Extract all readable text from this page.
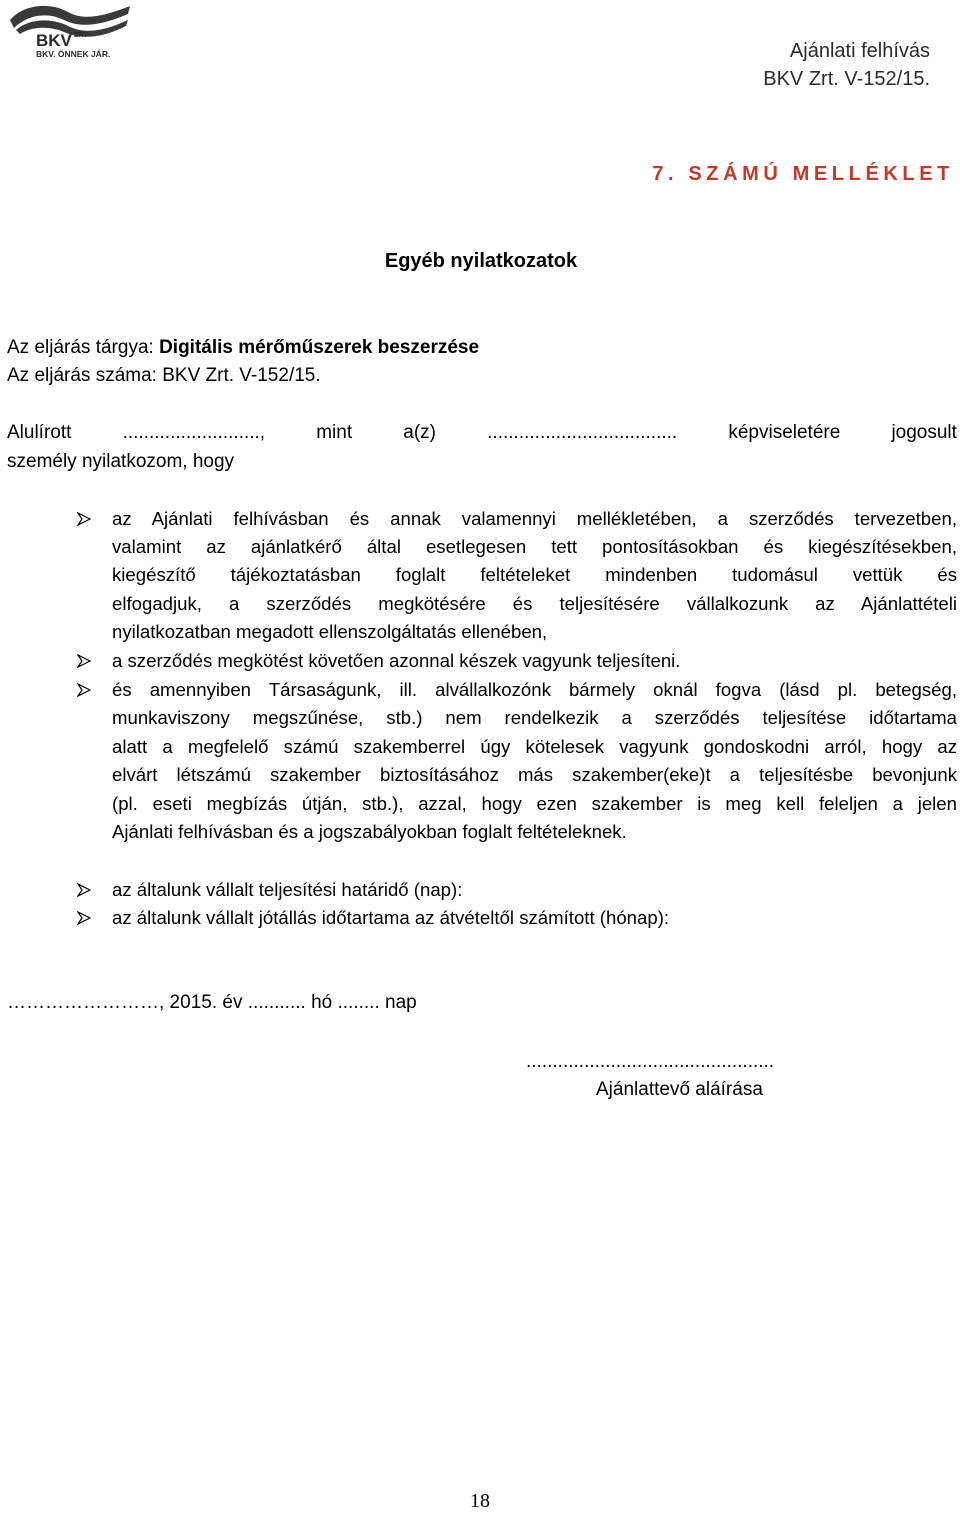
BKV ZRT
BKV. ÖNNEK JÁR.	Ajánlati felhívás
BKV Zrt. V-152/15.
7. SZÁMÚ MELLÉKLET
Egyéb nyilatkozatok
Az eljárás tárgya: Digitális mérőműszerek beszerzése
Az eljárás száma: BKV Zrt. V-152/15.
Alulírott	..........................,	mint	a(z)	....................................	képviseletére	jogosult
személy nyilatkozom, hogy
az Ajánlati felhívásban és annak valamennyi mellékletében, a szerződés tervezetben,
valamint az ajánlatkérő által esetlegesen tett pontosításokban és kiegészítésekben,
kiegészítő tájékoztatásban foglalt feltételeket mindenben tudomásul vettük és
elfogadjuk, a szerződés megkötésére és teljesítésére vállalkozunk az Ajánlattételi
nyilatkozatban megadott ellenszolgáltatás ellenében,
a szerződés megkötést követően azonnal készek vagyunk teljesíteni.
és amennyiben Társaságunk, ill. alvállalkozónk bármely oknál fogva (lásd pl. betegség,
munkaviszony megszűnése, stb.) nem rendelkezik a szerződés teljesítése időtartama
alatt a megfelelő számú szakemberrel úgy kötelesek vagyunk gondoskodni arról, hogy az
elvárt létszámú szakember biztosításához más szakember(eke)t a teljesítésbe bevonjunk
(pl. eseti megbízás útján, stb.), azzal, hogy ezen szakember is meg kell feleljen a jelen
Ajánlati felhívásban és a jogszabályokban foglalt feltételeknek.
az általunk vállalt teljesítési határidő (nap):
az általunk vállalt jótállás időtartama az átvételtől számított (hónap):
……………………, 2015. év ........... hó ........ nap
...............................................
Ajánlattevő aláírása
18
